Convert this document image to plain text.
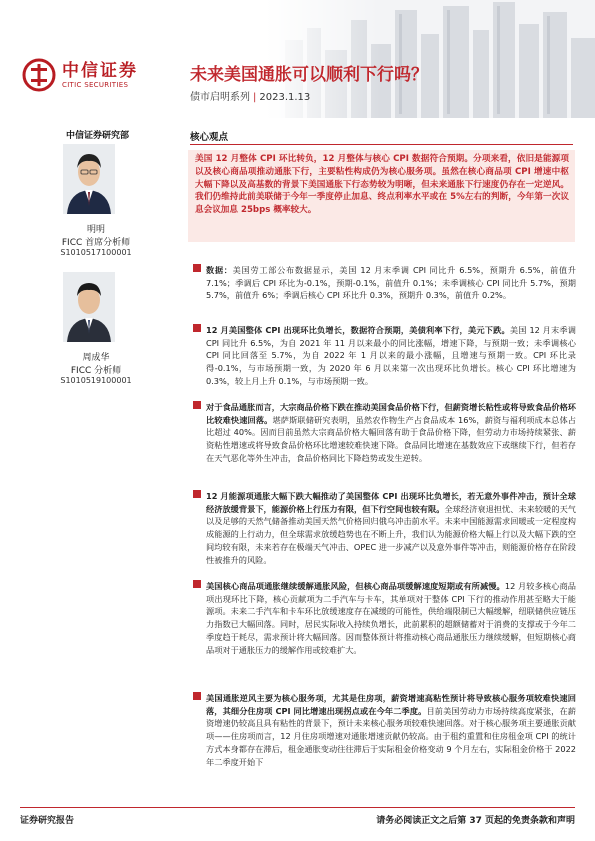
中信证券
CITIC SECURITIES	未来美国通胀可以顺利下行吗？
债市启明系列 | 2023.1.13
中信证券研究部
明明
FICC 首席分析师
S1010517100001
周成华
FICC 分析师
S1010519100001
核心观点
美国 12 月整体 CPI 环比转负，12 月整体与核心 CPI 数据符合预期。分项来看，依旧是能源项以及核心商品项推动通胀下行，主要粘性构成仍为核心服务项。虽然在核心商品项 CPI 增速中枢大幅下降以及高基数的背景下美国通胀下行态势较为明晰，但未来通胀下行速度仍存在一定逆风。我们仍维持此前美联储于今年一季度停止加息、终点利率水平或在 5%左右的判断，今年第一次议息会议加息 25bps 概率较大。
数据：美国劳工部公布数据显示，美国 12 月末季调 CPI 同比升 6.5%，预期升 6.5%，前值升 7.1%；季调后 CPI 环比为-0.1%，预期-0.1%，前值升 0.1%；未季调核心 CPI 同比升 5.7%，预期 5.7%，前值升 6%；季调后核心 CPI 环比升 0.3%，预期升 0.3%，前值升 0.2%。
12 月美国整体 CPI 出现环比负增长，数据符合预期，美债利率下行，美元下跌。美国 12 月末季调 CPI 同比升 6.5%，为自 2021 年 11 月以来最小的同比涨幅，增速下降，与预期一致；未季调核心 CPI 同比回落至 5.7%，为自 2022 年 1 月以来的最小涨幅，且增速与预期一致。CPI 环比录得-0.1%，与市场预期一致，为 2020 年 6 月以来第一次出现环比负增长。核心 CPI 环比增速为 0.3%，较上月上升 0.1%，与市场预期一致。
对于食品通胀而言，大宗商品价格下跌在推动美国食品价格下行，但薪资增长粘性或将导致食品价格环比较难快速回落。堪萨斯联储研究表明，虽然农作物生产占食品成本 16%，薪资与福利项成本总体占比超过 40%。因而目前虽然大宗商品价格大幅回落有助于食品价格下降，但劳动力市场持续紧张、薪资粘性增速或将导致食品价格环比增速较难快速下降。食品同比增速在基数效应下或继续下行，但若存在天气恶化等外生冲击，食品价格同比下降趋势或发生逆转。
12 月能源项通胀大幅下跌大幅推动了美国整体 CPI 出现环比负增长，若无意外事件冲击，预计全球经济放缓背景下，能源价格上行压力有限，但下行空间也较有限。全球经济衰退担忧、未来较暖的天气以及足够的天然气储备推动美国天然气价格回归俄乌冲击前水平。未来中国能源需求回暖或一定程度构成能源的上行动力，但全球需求放缓趋势也在不断上升，我们认为能源价格大幅上行以及大幅下跌的空间均较有限，未来若存在极端天气冲击、OPEC 进一步减产以及意外事件等冲击，则能源价格存在阶段性被推升的风险。
美国核心商品项通胀继续缓解通胀风险，但核心商品项缓解速度短期或有所减慢。12 月较多核心商品项出现环比下降，核心贡献项为二手汽车与卡车，其单项对于整体 CPI 下行的推动作用甚至略大于能源项。未来二手汽车和卡车环比放缓速度存在减缓的可能性，供给端限制已大幅缓解，纽联储供应链压力指数已大幅回落。同时，居民实际收入持续负增长，此前累积的超额储蓄对于消费的支撑或于今年二季度趋于耗尽，需求预计将大幅回落。因而整体预计将推动核心商品通胀压力继续缓解，但短期核心商品项对于通胀压力的缓解作用或较难扩大。
美国通胀逆风主要为核心服务项，尤其是住房项，薪资增速高粘性预计将导致核心服务项较难快速回落，其细分住房项 CPI 同比增速出现拐点或在今年二季度。目前美国劳动力市场持续高度紧张，在薪资增速仍较高且具有粘性的背景下，预计未来核心服务项较难快速回落。对于核心服务项主要通胀贡献项——住房项而言，12 月住房项增速对通胀增速贡献仍较高。由于租约重置和住房租金项 CPI 的统计方式本身都存在滞后，租金通胀变动往往滞后于实际租金价格变动 9 个月左右，实际租金价格于 2022 年二季度开始下
证券研究报告	请务必阅读正文之后第 37 页起的免责条款和声明
